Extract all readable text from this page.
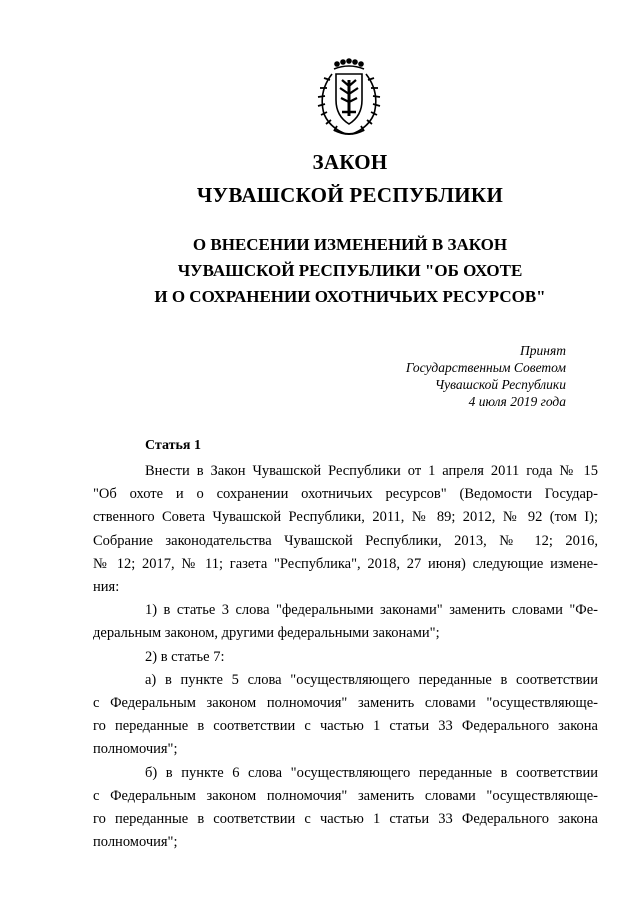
ЗАКОН
ЧУВАШСКОЙ РЕСПУБЛИКИ
О ВНЕСЕНИИ ИЗМЕНЕНИЙ В ЗАКОН
ЧУВАШСКОЙ РЕСПУБЛИКИ "ОБ ОХОТЕ
И О СОХРАНЕНИИ ОХОТНИЧЬИХ РЕСУРСОВ"
Принят
Государственным Советом
Чувашской Республики
4 июля 2019 года
Статья 1
Внести в Закон Чувашской Республики от 1 апреля 2011 года № 15
"Об охоте и о сохранении охотничьих ресурсов" (Ведомости Государ-
ственного Совета Чувашской Республики, 2011, № 89; 2012, № 92 (том I);
Собрание законодательства Чувашской Республики, 2013, № 12; 2016,
№ 12; 2017, № 11; газета "Республика", 2018, 27 июня) следующие измене-
ния:
1) в статье 3 слова "федеральными законами" заменить словами "Фе-
деральным законом, другими федеральными законами";
2) в статье 7:
а) в пункте 5 слова "осуществляющего переданные в соответствии
с Федеральным законом полномочия" заменить словами "осуществляюще-
го переданные в соответствии с частью 1 статьи 33 Федерального закона
полномочия";
б) в пункте 6 слова "осуществляющего переданные в соответствии
с Федеральным законом полномочия" заменить словами "осуществляюще-
го переданные в соответствии с частью 1 статьи 33 Федерального закона
полномочия";
